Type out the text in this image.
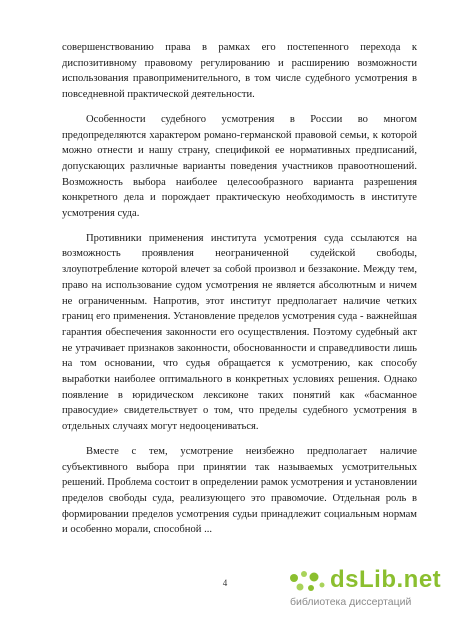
совершенствованию права в рамках его постепенного перехода к диспозитивному правовому регулированию и расширению возможности использования правоприменительного, в том числе судебного усмотрения в повседневной практической деятельности.

Особенности судебного усмотрения в России во многом предопределяются характером романо-германской правовой семьи, к которой можно отнести и нашу страну, спецификой ее нормативных предписаний, допускающих различные варианты поведения участников правоотношений. Возможность выбора наиболее целесообразного варианта разрешения конкретного дела и порождает практическую необходимость в институте усмотрения суда.

Противники применения института усмотрения суда ссылаются на возможность проявления неограниченной судейской свободы, злоупотребление которой влечет за собой произвол и беззаконие. Между тем, право на использование судом усмотрения не является абсолютным и ничем не ограниченным. Напротив, этот институт предполагает наличие четких границ его применения. Установление пределов усмотрения суда - важнейшая гарантия обеспечения законности его осуществления. Поэтому судебный акт не утрачивает признаков законности, обоснованности и справедливости лишь на том основании, что судья обращается к усмотрению, как способу выработки наиболее оптимального в конкретных условиях решения. Однако появление в юридическом лексиконе таких понятий как «басманное правосудие» свидетельствует о том, что пределы судебного усмотрения в отдельных случаях могут недооцениваться.

Вместе с тем, усмотрение неизбежно предполагает наличие субъективного выбора при принятии так называемых усмотрительных решений. Проблема состоит в определении рамок усмотрения и установлении пределов свободы суда, реализующего это правомочие. Отдельная роль в формировании пределов усмотрения судьи принадлежит социальным нормам и особенно морали, способной ...

4	dsLib.net
библиотека диссертаций
